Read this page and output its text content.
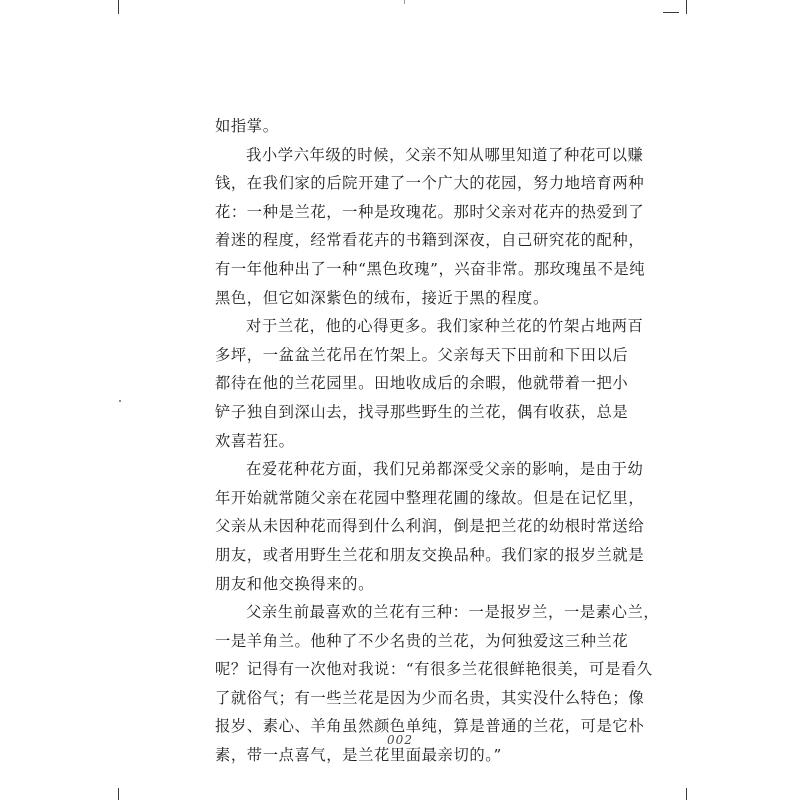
如指掌。
我小学六年级的时候，父亲不知从哪里知道了种花可以赚
钱，在我们家的后院开建了一个广大的花园，努力地培育两种
花：一种是兰花，一种是玫瑰花。那时父亲对花卉的热爱到了
着迷的程度，经常看花卉的书籍到深夜，自己研究花的配种，
有一年他种出了一种“黑色玫瑰”，兴奋非常。那玫瑰虽不是纯
黑色，但它如深紫色的绒布，接近于黑的程度。
对于兰花，他的心得更多。我们家种兰花的竹架占地两百
多坪，一盆盆兰花吊在竹架上。父亲每天下田前和下田以后
都待在他的兰花园里。田地收成后的余暇，他就带着一把小
铲子独自到深山去，找寻那些野生的兰花，偶有收获，总是
欢喜若狂。
在爱花种花方面，我们兄弟都深受父亲的影响，是由于幼
年开始就常随父亲在花园中整理花圃的缘故。但是在记忆里，
父亲从未因种花而得到什么利润，倒是把兰花的幼根时常送给
朋友，或者用野生兰花和朋友交换品种。我们家的报岁兰就是
朋友和他交换得来的。
父亲生前最喜欢的兰花有三种：一是报岁兰，一是素心兰，
一是羊角兰。他种了不少名贵的兰花，为何独爱这三种兰花
呢？记得有一次他对我说：“有很多兰花很鲜艳很美，可是看久
了就俗气；有一些兰花是因为少而名贵，其实没什么特色；像
报岁、素心、羊角虽然颜色单纯，算是普通的兰花，可是它朴
素，带一点喜气，是兰花里面最亲切的。”

002
